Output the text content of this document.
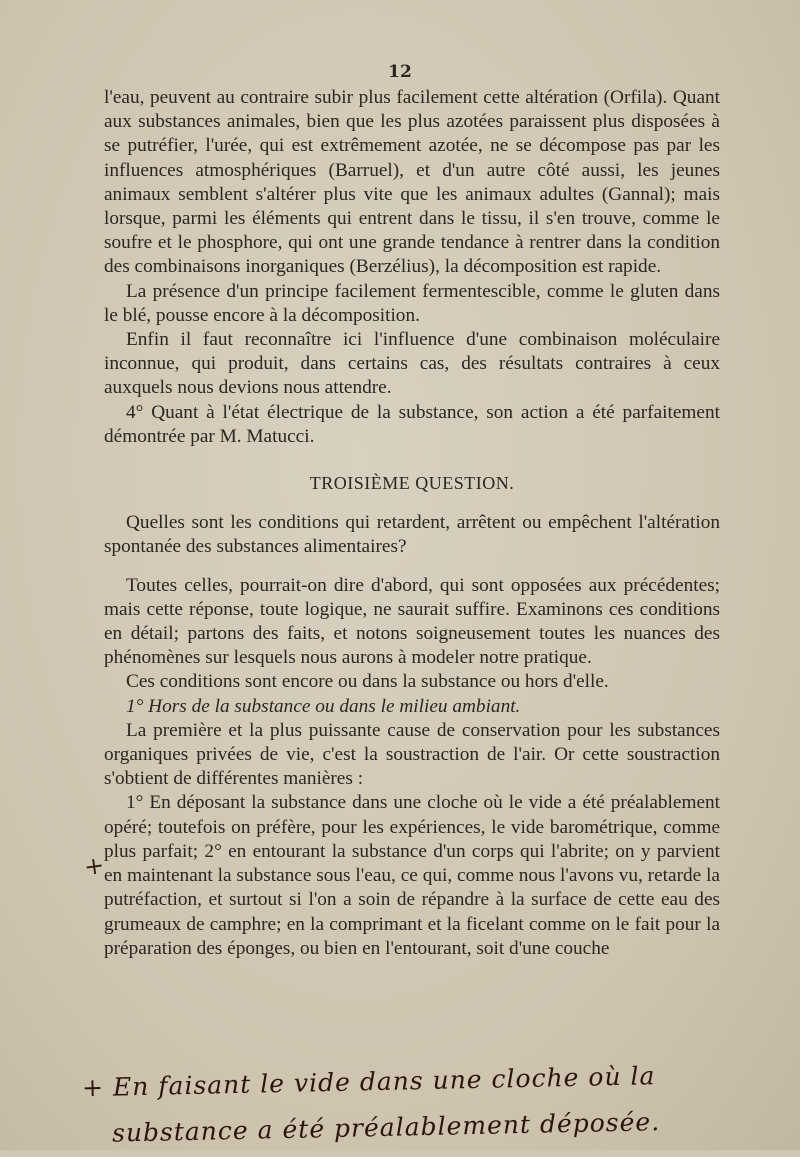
12

l'eau, peuvent au contraire subir plus facilement cette altération (Orfila). Quant aux substances animales, bien que les plus azotées paraissent plus disposées à se putréfier, l'urée, qui est extrêmement azotée, ne se décompose pas par les influences atmosphériques (Barruel), et d'un autre côté aussi, les jeunes animaux semblent s'altérer plus vite que les animaux adultes (Gannal); mais lorsque, parmi les éléments qui entrent dans le tissu, il s'en trouve, comme le soufre et le phosphore, qui ont une grande tendance à rentrer dans la condition des combinaisons inorganiques (Berzélius), la décomposition est rapide.

La présence d'un principe facilement fermentescible, comme le gluten dans le blé, pousse encore à la décomposition.

Enfin il faut reconnaître ici l'influence d'une combinaison moléculaire inconnue, qui produit, dans certains cas, des résultats contraires à ceux auxquels nous devions nous attendre.

4° Quant à l'état électrique de la substance, son action a été parfaitement démontrée par M. Matucci.

TROISIÈME QUESTION.

Quelles sont les conditions qui retardent, arrêtent ou empêchent l'altération spontanée des substances alimentaires?

Toutes celles, pourrait-on dire d'abord, qui sont opposées aux précédentes; mais cette réponse, toute logique, ne saurait suffire. Examinons ces conditions en détail; partons des faits, et notons soigneusement toutes les nuances des phénomènes sur lesquels nous aurons à modeler notre pratique.

Ces conditions sont encore ou dans la substance ou hors d'elle.

1° Hors de la substance ou dans le milieu ambiant.

La première et la plus puissante cause de conservation pour les substances organiques privées de vie, c'est la soustraction de l'air. Or cette soustraction s'obtient de différentes manières :

1° En déposant la substance dans une cloche où le vide a été préalablement opéré; toutefois on préfère, pour les expériences, le vide barométrique, comme plus parfait; 2° en entourant la substance d'un corps qui l'abrite; on y parvient en maintenant la substance sous l'eau, ce qui, comme nous l'avons vu, retarde la putréfaction, et surtout si l'on a soin de répandre à la surface de cette eau des grumeaux de camphre; en la comprimant et la ficelant comme on le fait pour la préparation des éponges, ou bien en l'entourant, soit d'une couche

+
+ En faisant le vide dans une cloche où la
substance a été préalablement déposée.
